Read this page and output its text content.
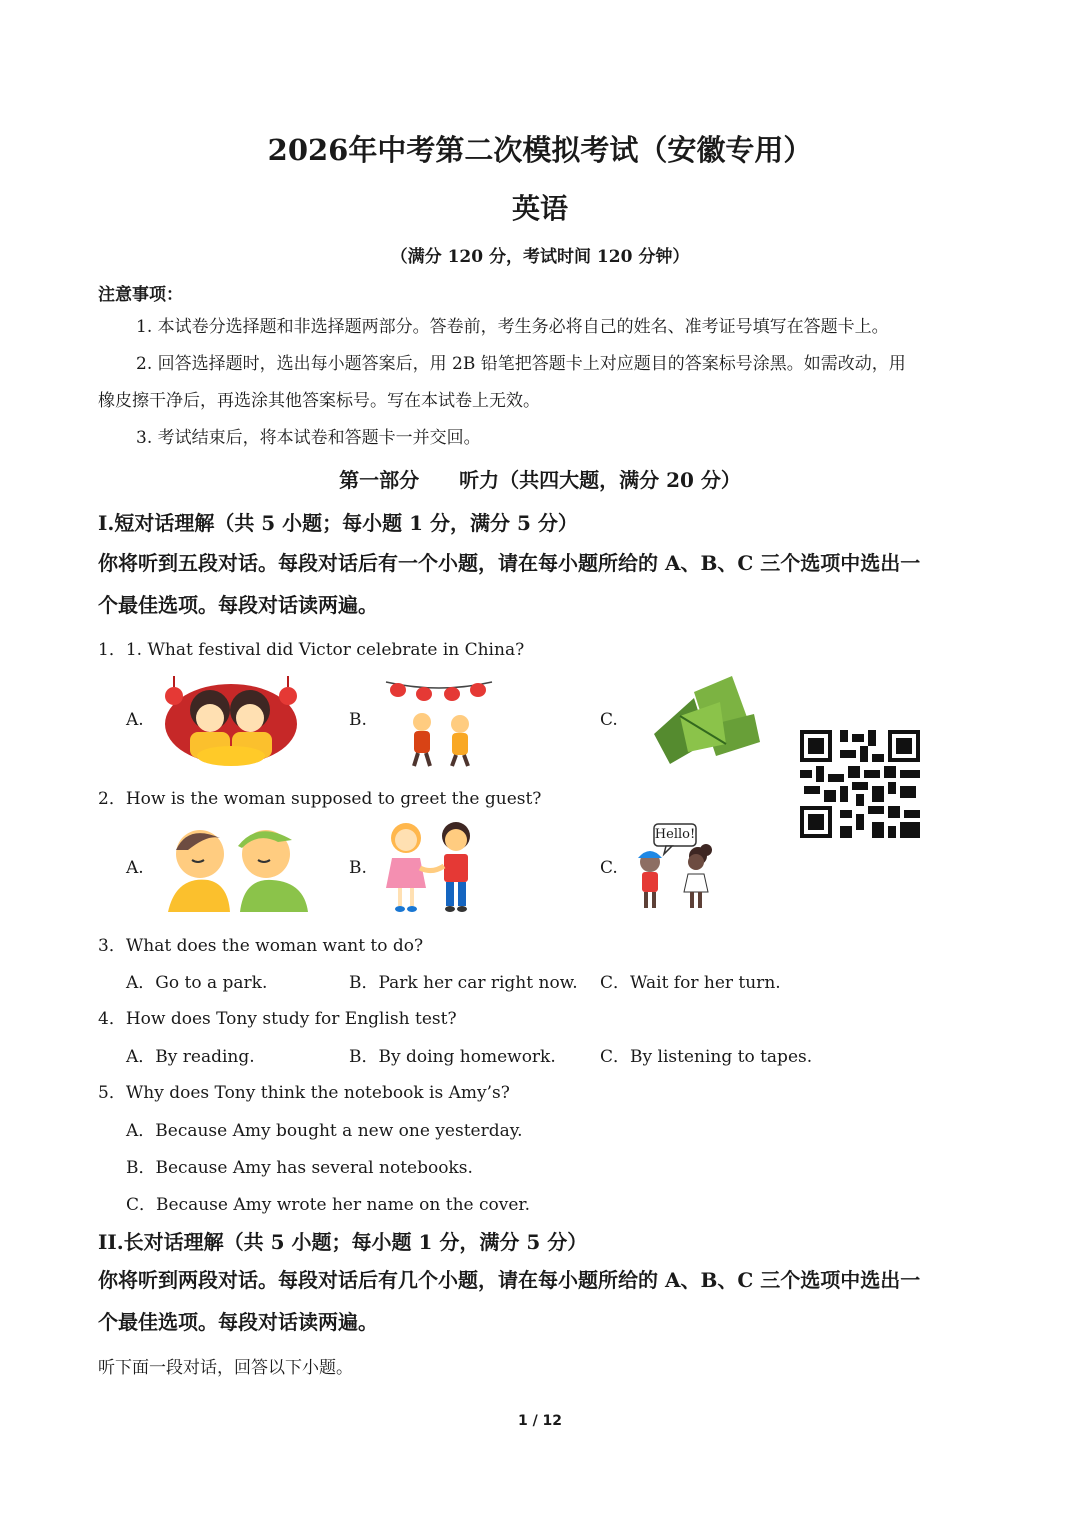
2026年中考第二次模拟考试（安徽专用）
英语
（满分 120 分，考试时间 120 分钟）
注意事项：
1. 本试卷分选择题和非选择题两部分。答卷前，考生务必将自己的姓名、准考证号填写在答题卡上。
2. 回答选择题时，选出每小题答案后，用 2B 铅笔把答题卡上对应题目的答案标号涂黑。如需改动，用
橡皮擦干净后，再选涂其他答案标号。写在本试卷上无效。
3. 考试结束后，将本试卷和答题卡一并交回。
第一部分　　听力（共四大题，满分 20 分）
I.短对话理解（共 5 小题；每小题 1 分，满分 5 分）
你将听到五段对话。每段对话后有一个小题，请在每小题所给的 A、B、C 三个选项中选出一
个最佳选项。每段对话读两遍。
1．1. What festival did Victor celebrate in China?
A.	B.	C.
2．How is the woman supposed to greet the guest?
A.	B.	C.
Hello!
3．What does the woman want to do?
A．Go to a park.	B．Park her car right now. C．Wait for her turn.
4．How does Tony study for English test?
A．By reading.	B．By doing homework.	C．By listening to tapes.
5．Why does Tony think the notebook is Amy’s?
A．Because Amy bought a new one yesterday.
B．Because Amy has several notebooks.
C．Because Amy wrote her name on the cover.
II.长对话理解（共 5 小题；每小题 1 分，满分 5 分）
你将听到两段对话。每段对话后有几个小题，请在每小题所给的 A、B、C 三个选项中选出一
个最佳选项。每段对话读两遍。
听下面一段对话，回答以下小题。
1 / 12
